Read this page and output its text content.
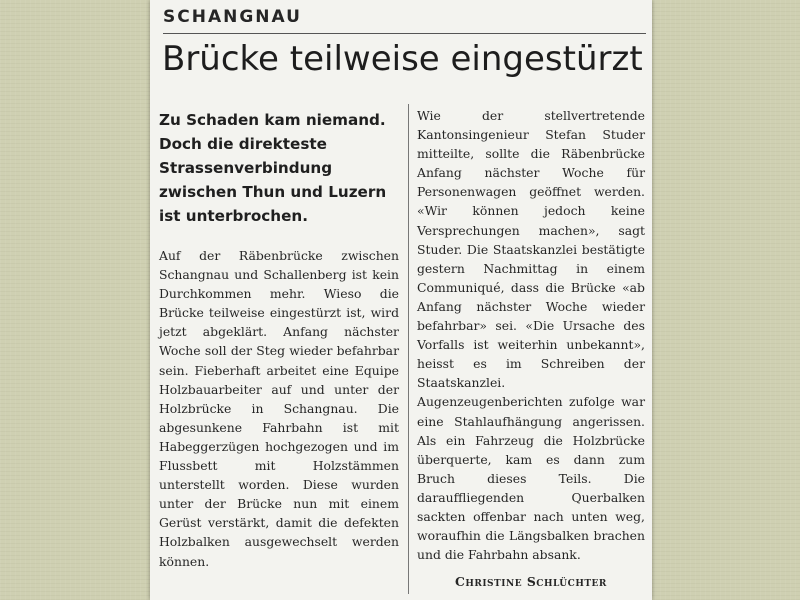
SCHANGNAU
Brücke teilweise eingestürzt
Zu Schaden kam niemand. Doch die direkteste Strassenverbindung zwischen Thun und Luzern ist unterbrochen.
Auf der Räbenbrücke zwischen Schangnau und Schallenberg ist kein Durchkommen mehr. Wieso die Brücke teilweise eingestürzt ist, wird jetzt abgeklärt. Anfang nächster Woche soll der Steg wieder befahrbar sein. Fieberhaft arbeitet eine Equipe Holzbauarbeiter auf und unter der Holzbrücke in Schangnau. Die abgesunkene Fahrbahn ist mit Habeggerzügen hochgezogen und im Flussbett mit Holzstämmen unterstellt worden. Diese wurden unter der Brücke nun mit einem Gerüst verstärkt, damit die defekten Holzbalken ausgewechselt werden können.
Wie der stellvertretende Kantonsingenieur Stefan Studer mitteilte, sollte die Räbenbrücke Anfang nächster Woche für Personenwagen geöffnet werden. «Wir können jedoch keine Versprechungen machen», sagt Studer. Die Staatskanzlei bestätigte gestern Nachmittag in einem Communiqué, dass die Brücke «ab Anfang nächster Woche wieder befahrbar» sei. «Die Ursache des Vorfalls ist weiterhin unbekannt», heisst es im Schreiben der Staatskanzlei. Augenzeugenberichten zufolge war eine Stahlaufhängung angerissen. Als ein Fahrzeug die Holzbrücke überquerte, kam es dann zum Bruch dieses Teils. Die darauffliegenden Querbalken sackten offenbar nach unten weg, woraufhin die Längsbalken brachen und die Fahrbahn absank.
Christine Schlüchter
